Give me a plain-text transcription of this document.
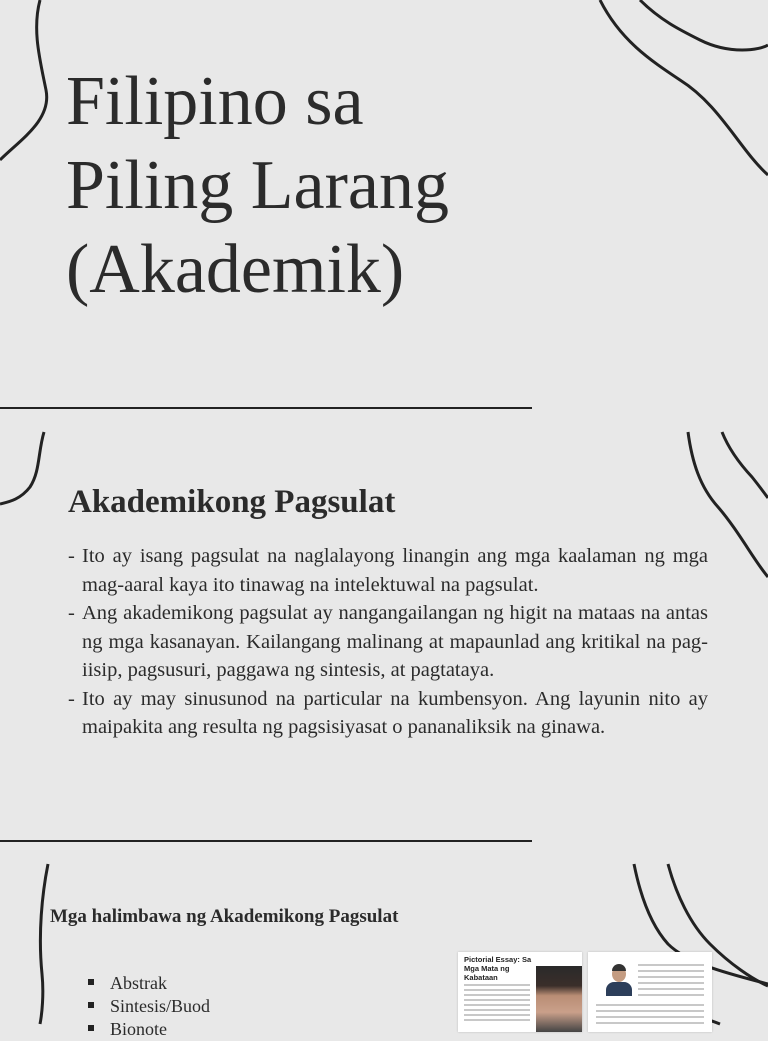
Filipino sa
Piling Larang
(Akademik)
Akademikong Pagsulat
- Ito ay isang pagsulat na naglalayong linangin ang mga kaalaman ng mga mag-aaral kaya ito tinawag na intelektuwal na pagsulat.
- Ang akademikong pagsulat ay nangangailangan ng higit na mataas na antas ng mga kasanayan. Kailangang malinang at mapaunlad ang kritikal na pag-iisip, pagsusuri, paggawa ng sintesis, at pagtataya.
- Ito ay may sinusunod na particular na kumbensyon. Ang layunin nito ay maipakita ang resulta ng pagsisiyasat o pananaliksik na ginawa.
Mga halimbawa ng Akademikong Pagsulat
Abstrak
Sintesis/Buod
Bionote
Pictorial Essay: Sa Mga Mata ng Kabataan
